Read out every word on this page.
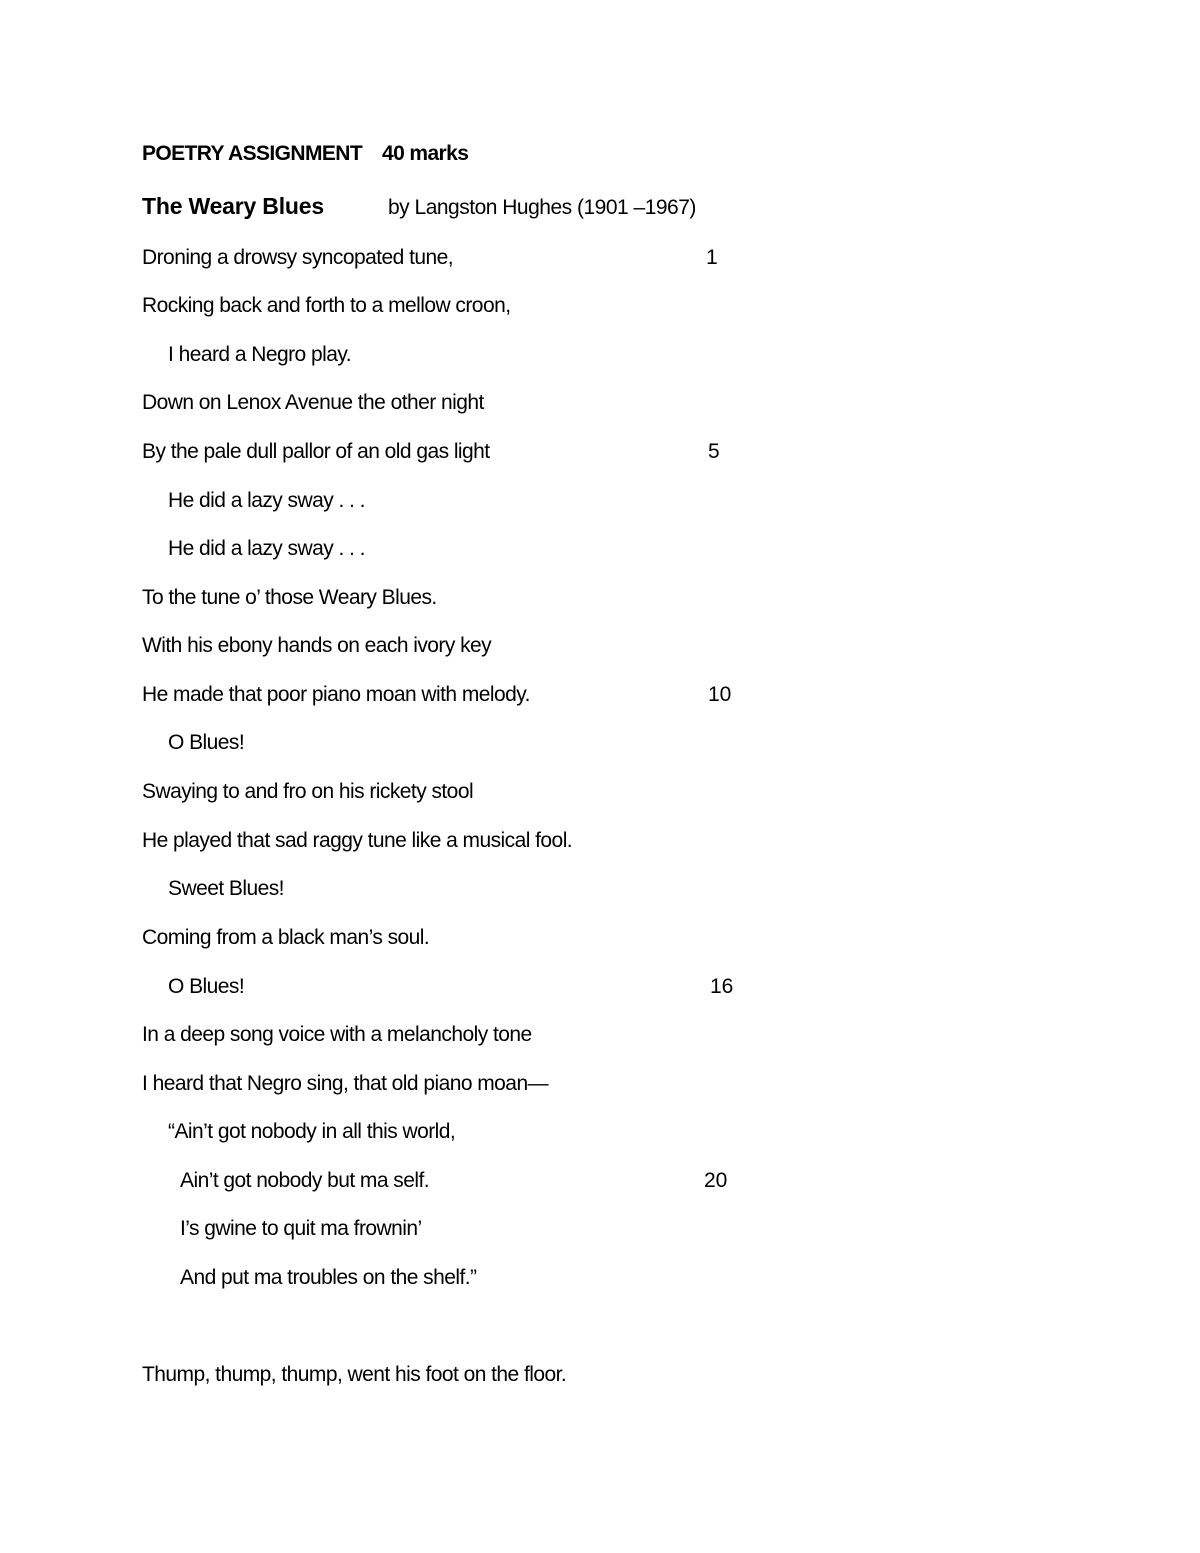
POETRY ASSIGNMENT 40 marks
The Weary Blues	by Langston Hughes (1901 –1967)
Droning a drowsy syncopated tune,	1
Rocking back and forth to a mellow croon,
I heard a Negro play.
Down on Lenox Avenue the other night
By the pale dull pallor of an old gas light	5
He did a lazy sway . . .
He did a lazy sway . . .
To the tune o’ those Weary Blues.
With his ebony hands on each ivory key
He made that poor piano moan with melody.	10
O Blues!
Swaying to and fro on his rickety stool
He played that sad raggy tune like a musical fool.
Sweet Blues!
Coming from a black man’s soul.
O Blues!	16
In a deep song voice with a melancholy tone
I heard that Negro sing, that old piano moan—
“Ain’t got nobody in all this world,
Ain’t got nobody but ma self.	20
I’s gwine to quit ma frownin’
And put ma troubles on the shelf.”
Thump, thump, thump, went his foot on the floor.
